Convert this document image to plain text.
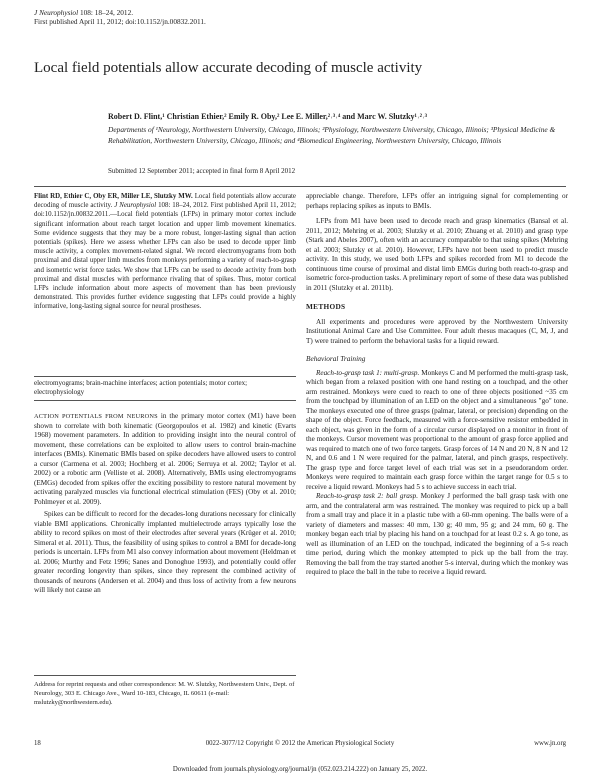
J Neurophysiol 108: 18–24, 2012.
First published April 11, 2012; doi:10.1152/jn.00832.2011.
Local field potentials allow accurate decoding of muscle activity
Robert D. Flint,¹ Christian Ethier,² Emily R. Oby,² Lee E. Miller,²˒³˒⁴ and Marc W. Slutzky¹˒²˒³
Departments of ¹Neurology, Northwestern University, Chicago, Illinois; ²Physiology, Northwestern University, Chicago, Illinois; ³Physical Medicine & Rehabilitation, Northwestern University, Chicago, Illinois; and ⁴Biomedical Engineering, Northwestern University, Chicago, Illinois
Submitted 12 September 2011; accepted in final form 8 April 2012
Flint RD, Ethier C, Oby ER, Miller LE, Slutzky MW. Local field potentials allow accurate decoding of muscle activity. J Neurophysiol 108: 18–24, 2012. First published April 11, 2012; doi:10.1152/jn.00832.2011.—Local field potentials (LFPs) in primary motor cortex include significant information about reach target location and upper limb movement kinematics. Some evidence suggests that they may be a more robust, longer-lasting signal than action potentials (spikes). Here we assess whether LFPs can also be used to decode upper limb muscle activity, a complex movement-related signal. We record electromyograms from both proximal and distal upper limb muscles from monkeys performing a variety of reach-to-grasp and isometric wrist force tasks. We show that LFPs can be used to decode activity from both proximal and distal muscles with performance rivaling that of spikes. Thus, motor cortical LFPs include information about more aspects of movement than has been previously demonstrated. This provides further evidence suggesting that LFPs could provide a highly informative, long-lasting signal source for neural prostheses.
electromyograms; brain-machine interfaces; action potentials; motor cortex; electrophysiology

ACTION POTENTIALS FROM NEURONS in the primary motor cortex (M1) have been shown to correlate with both kinematic (Georgopoulos et al. 1982) and kinetic (Evarts 1968) movement parameters. In addition to providing insight into the neural control of movement, these correlations can be exploited to allow users to control brain-machine interfaces (BMIs). Kinematic BMIs based on spike decoders have allowed users to control a cursor (Carmena et al. 2003; Hochberg et al. 2006; Serruya et al. 2002; Taylor et al. 2002) or a robotic arm (Velliste et al. 2008). Alternatively, BMIs using electromyograms (EMGs) decoded from spikes offer the exciting possibility to restore natural movement by activating paralyzed muscles via functional electrical stimulation (FES) (Oby et al. 2010; Pohlmeyer et al. 2009).

Spikes can be difficult to record for the decades-long durations necessary for clinically viable BMI applications. Chronically implanted multielectrode arrays typically lose the ability to record spikes on most of their electrodes after several years (Krüger et al. 2010; Simeral et al. 2011). Thus, the feasibility of using spikes to control a BMI for decade-long periods is uncertain. LFPs from M1 also convey information about movement (Heldman et al. 2006; Murthy and Fetz 1996; Sanes and Donoghue 1993), and potentially could offer greater recording longevity than spikes, since they represent the combined activity of thousands of neurons (Andersen et al. 2004) and thus loss of activity from a few neurons will likely not cause an

Address for reprint requests and other correspondence: M. W. Slutzky, Northwestern Univ., Dept. of Neurology, 303 E. Chicago Ave., Ward 10-183, Chicago, IL 60611 (e-mail: mslutzky@northwestern.edu).

appreciable change. Therefore, LFPs offer an intriguing signal for complementing or perhaps replacing spikes as inputs to BMIs.

LFPs from M1 have been used to decode reach and grasp kinematics (Bansal et al. 2011, 2012; Mehring et al. 2003; Slutzky et al. 2010; Zhuang et al. 2010) and grasp type (Stark and Abeles 2007), often with an accuracy comparable to that using spikes (Mehring et al. 2003; Slutzky et al. 2010). However, LFPs have not been used to predict muscle activity. In this study, we used both LFPs and spikes recorded from M1 to decode the continuous time course of proximal and distal limb EMGs during both reach-to-grasp and isometric force-production tasks. A preliminary report of some of these data was published in 2011 (Slutzky et al. 2011b).

METHODS

All experiments and procedures were approved by the Northwestern University Institutional Animal Care and Use Committee. Four adult rhesus macaques (C, M, J, and T) were trained to perform the behavioral tasks for a liquid reward.

Behavioral Training

Reach-to-grasp task 1: multi-grasp. Monkeys C and M performed the multi-grasp task, which began from a relaxed position with one hand resting on a touchpad, and the other arm restrained. Monkeys were cued to reach to one of three objects positioned ~35 cm from the touchpad by illumination of an LED on the object and a simultaneous "go" tone. The monkeys executed one of three grasps (palmar, lateral, or precision) depending on the shape of the object. Force feedback, measured with a force-sensitive resistor embedded in each object, was given in the form of a circular cursor displayed on a monitor in front of the monkeys. Cursor movement was proportional to the amount of grasp force applied and was required to match one of two force targets. Grasp forces of 14 N and 20 N, 8 N and 12 N, and 0.6 and 1 N were required for the palmar, lateral, and pinch grasps, respectively. The grasp type and force target level of each trial was set in a pseudorandom order. Monkeys were required to maintain each grasp force within the target range for 0.5 s to receive a liquid reward. Monkeys had 5 s to achieve success in each trial.

Reach-to-grasp task 2: ball grasp. Monkey J performed the ball grasp task with one arm, and the contralateral arm was restrained. The monkey was required to pick up a ball from a small tray and place it in a plastic tube with a 60-mm opening. The balls were of a variety of diameters and masses: 40 mm, 130 g; 40 mm, 95 g; and 24 mm, 60 g. The monkey began each trial by placing his hand on a touchpad for at least 0.2 s. A go tone, as well as illumination of an LED on the touchpad, indicated the beginning of a 5-s reach time period, during which the monkey attempted to pick up the ball from the tray. Removing the ball from the tray started another 5-s interval, during which the monkey was required to place the ball in the tube to receive a liquid reward.

18	0022-3077/12 Copyright © 2012 the American Physiological Society	www.jn.org
Downloaded from journals.physiology.org/journal/jn (052.023.214.222) on January 25, 2022.
